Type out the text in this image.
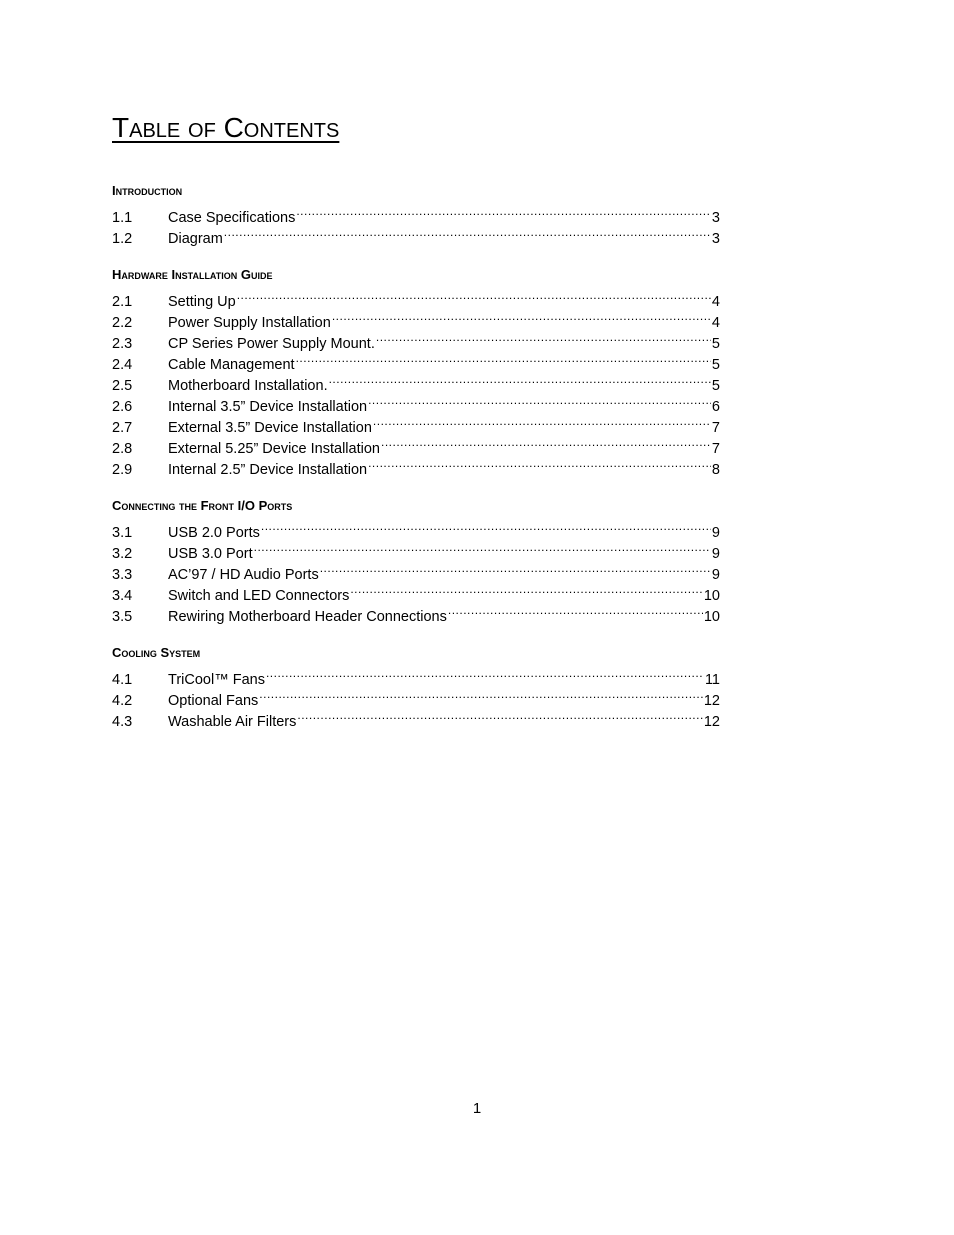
Table of Contents
Introduction
1.1	Case Specifications .....	3
1.2	Diagram .....	3
Hardware Installation Guide
2.1	Setting Up .....	4
2.2	Power Supply Installation .....	4
2.3	CP Series Power Supply Mount. .....	5
2.4	Cable Management .....	5
2.5	Motherboard Installation. .....	5
2.6	Internal 3.5” Device Installation .....	6
2.7	External 3.5” Device Installation .....	7
2.8	External 5.25” Device Installation .....	7
2.9	Internal 2.5” Device Installation .....	8
Connecting the Front I/O Ports
3.1	USB 2.0 Ports .....	9
3.2	USB 3.0 Port .....	9
3.3	AC’97 / HD Audio Ports .....	9
3.4	Switch and LED Connectors .....	10
3.5	Rewiring Motherboard Header Connections .....	10
Cooling System
4.1	TriCool™ Fans .....	11
4.2	Optional Fans .....	12
4.3	Washable Air Filters .....	12
1
